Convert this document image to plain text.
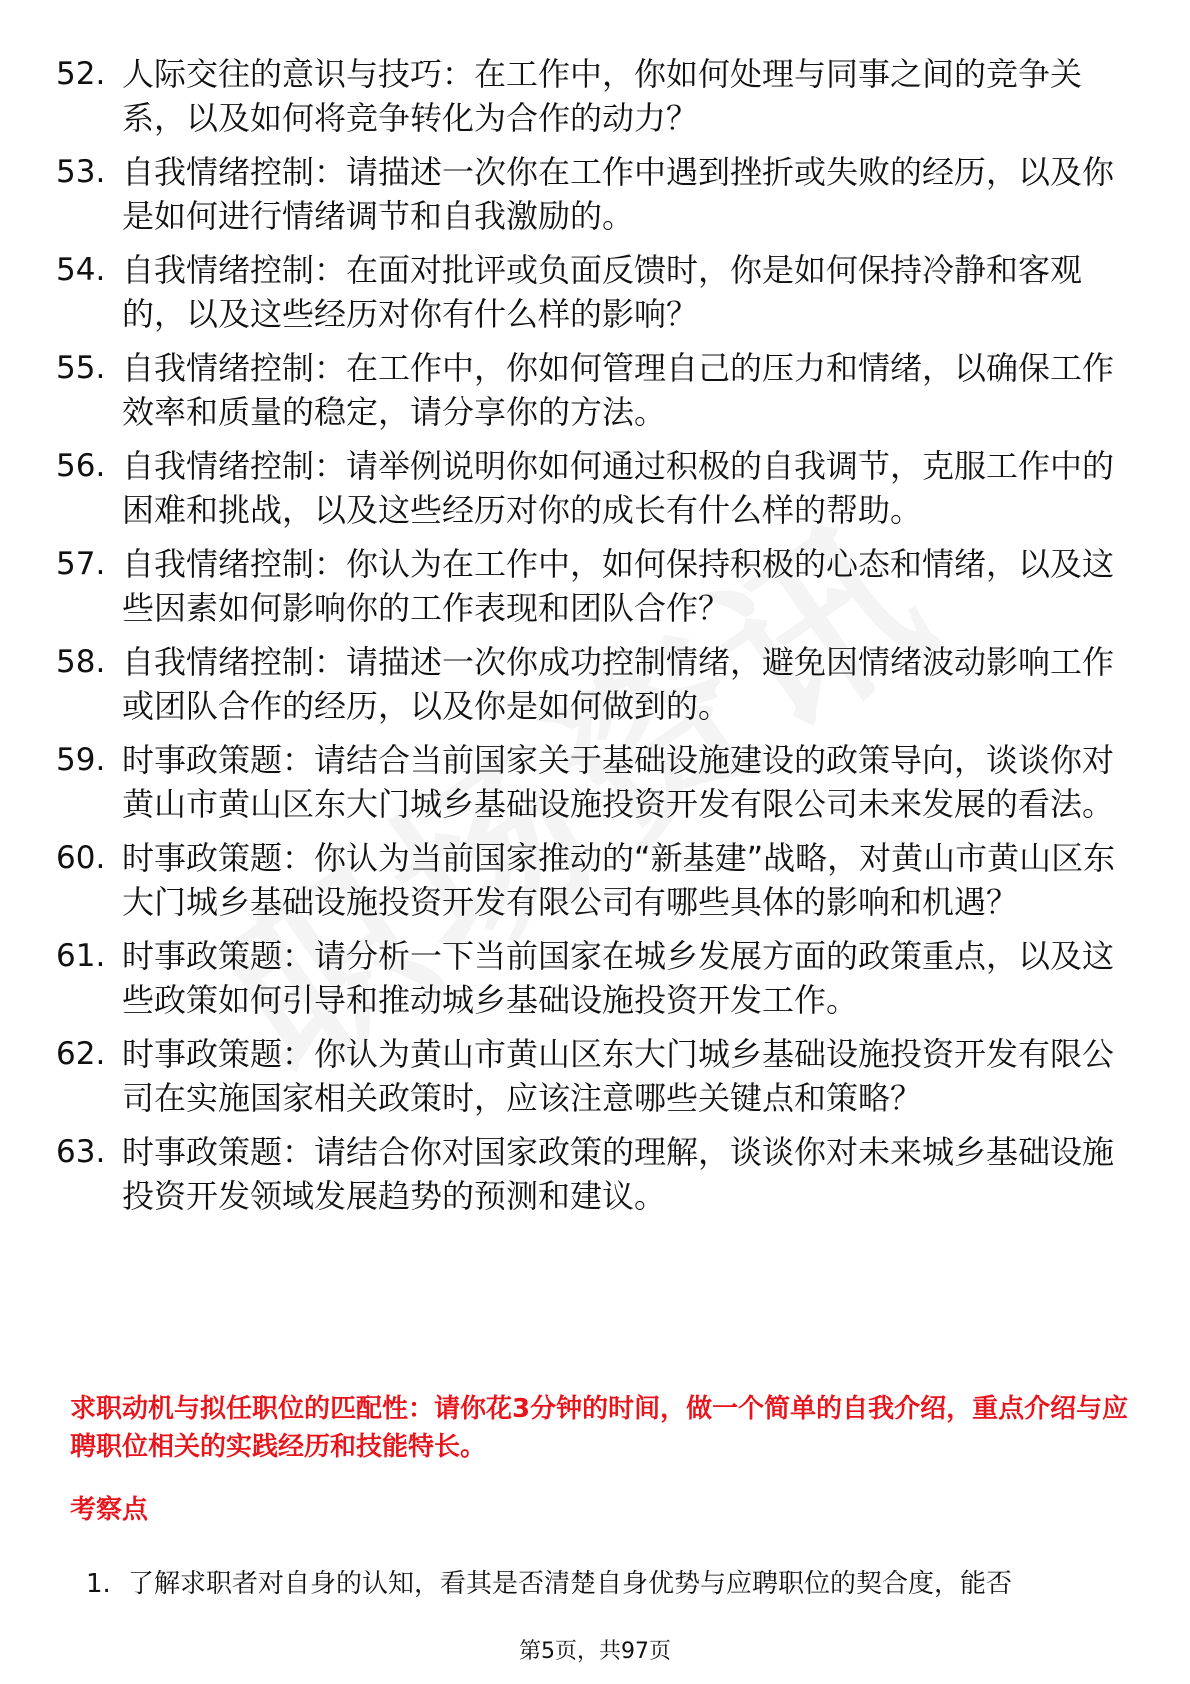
52. 人际交往的意识与技巧：在工作中，你如何处理与同事之间的竞争关系，以及如何将竞争转化为合作的动力？
53. 自我情绪控制：请描述一次你在工作中遇到挫折或失败的经历，以及你是如何进行情绪调节和自我激励的。
54. 自我情绪控制：在面对批评或负面反馈时，你是如何保持冷静和客观的，以及这些经历对你有什么样的影响？
55. 自我情绪控制：在工作中，你如何管理自己的压力和情绪，以确保工作效率和质量的稳定，请分享你的方法。
56. 自我情绪控制：请举例说明你如何通过积极的自我调节，克服工作中的困难和挑战，以及这些经历对你的成长有什么样的帮助。
57. 自我情绪控制：你认为在工作中，如何保持积极的心态和情绪，以及这些因素如何影响你的工作表现和团队合作？
58. 自我情绪控制：请描述一次你成功控制情绪，避免因情绪波动影响工作或团队合作的经历，以及你是如何做到的。
59. 时事政策题：请结合当前国家关于基础设施建设的政策导向，谈谈你对黄山市黄山区东大门城乡基础设施投资开发有限公司未来发展的看法。
60. 时事政策题：你认为当前国家推动的“新基建”战略，对黄山市黄山区东大门城乡基础设施投资开发有限公司有哪些具体的影响和机遇？
61. 时事政策题：请分析一下当前国家在城乡发展方面的政策重点，以及这些政策如何引导和推动城乡基础设施投资开发工作。
62. 时事政策题：你认为黄山市黄山区东大门城乡基础设施投资开发有限公司在实施国家相关政策时，应该注意哪些关键点和策略？
63. 时事政策题：请结合你对国家政策的理解，谈谈你对未来城乡基础设施投资开发领域发展趋势的预测和建议。
求职动机与拟任职位的匹配性：请你花3分钟的时间，做一个简单的自我介绍，重点介绍与应聘职位相关的实践经历和技能特长。
考察点
1. 了解求职者对自身的认知，看其是否清楚自身优势与应聘职位的契合度，能否
第5页，共97页
